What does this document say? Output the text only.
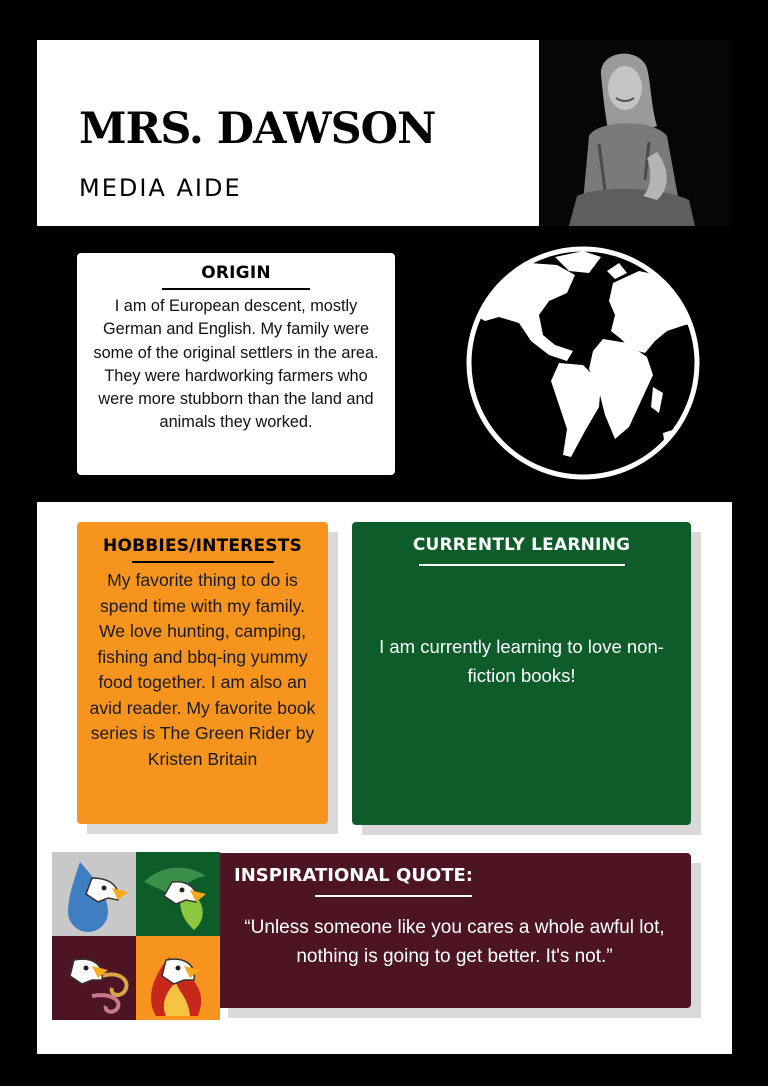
MRS. DAWSON

MEDIA AIDE

ORIGIN

I am of European descent, mostly German and English. My family were some of the original settlers in the area. They were hardworking farmers who were more stubborn than the land and animals they worked.

HOBBIES/INTERESTS

My favorite thing to do is spend time with my family. We love hunting, camping, fishing and bbq-ing yummy food together. I am also an avid reader. My favorite book series is The Green Rider by Kristen Britain

CURRENTLY LEARNING

I am currently learning to love non-fiction books!

INSPIRATIONAL QUOTE:

“Unless someone like you cares a whole awful lot, nothing is going to get better. It's not.”
